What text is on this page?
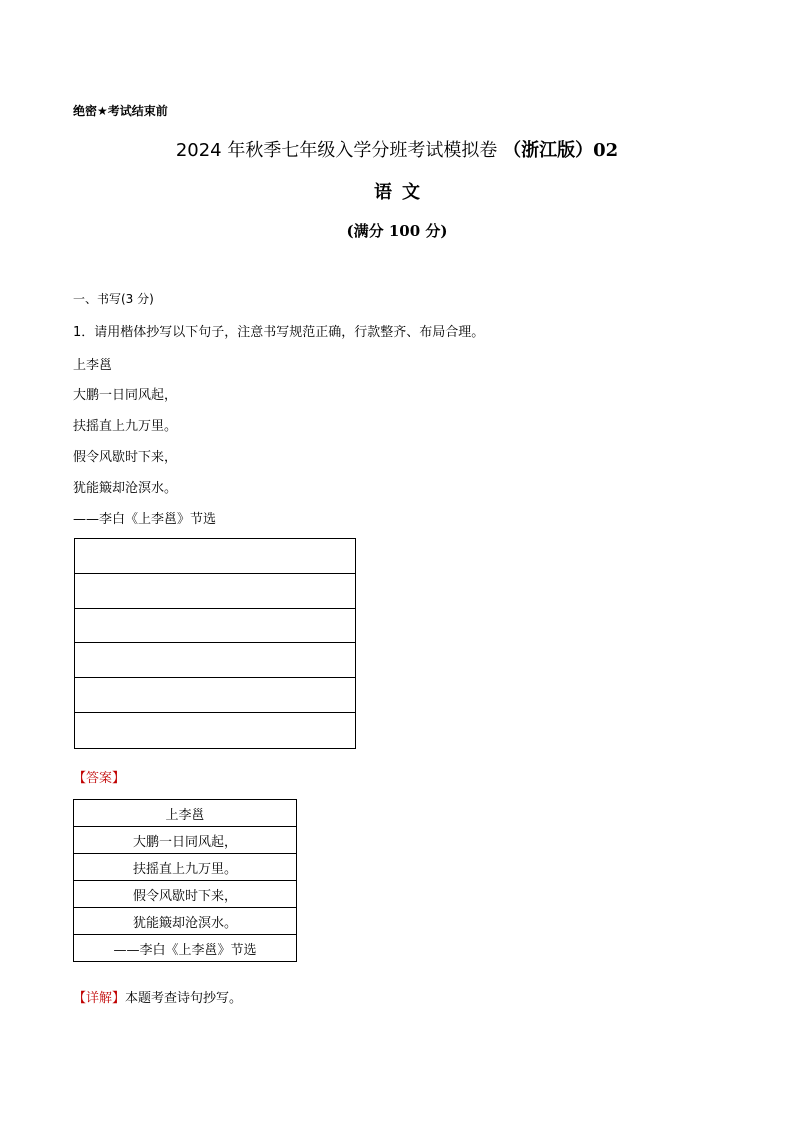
绝密★考试结束前
2024 年秋季七年级入学分班考试模拟卷 （浙江版）02
语文
(满分 100 分)
一、书写(3 分)
1．请用楷体抄写以下句子，注意书写规范正确，行款整齐、布局合理。
上李邕
大鹏一日同风起，
扶摇直上九万里。
假令风歇时下来，
犹能簸却沧溟水。
——李白《上李邕》节选
【答案】
上李邕
大鹏一日同风起，
扶摇直上九万里。
假令风歇时下来，
犹能簸却沧溟水。
——李白《上李邕》节选
【详解】本题考查诗句抄写。
